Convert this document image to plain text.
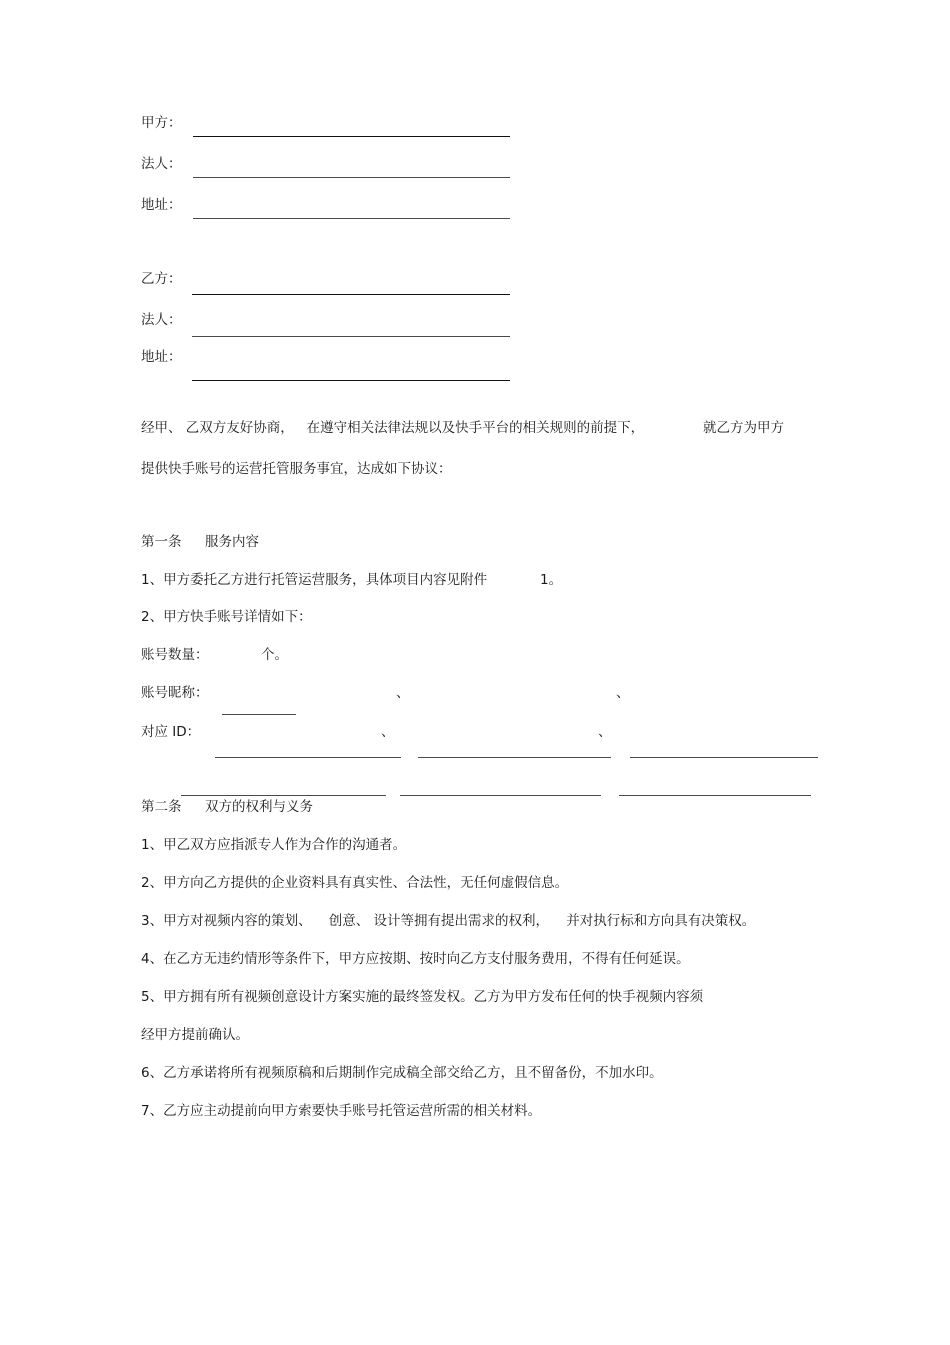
甲方：
法人：
地址：
乙方：
法人：
地址：
经甲、 乙双方友好协商，   在遵守相关法律法规以及快手平台的相关规则的前提下，	就乙方为甲方
提供快手账号的运营托管服务事宜，达成如下协议：
第一条 服务内容
1、甲方委托乙方进行托管运营服务，具体项目内容见附件	1。
2、甲方快手账号详情如下：
账号数量：	个。
账号昵称：	、	、
对应 ID：	、	、
第二条 双方的权利与义务
1、甲乙双方应指派专人作为合作的沟通者。
2、甲方向乙方提供的企业资料具有真实性、合法性，无任何虚假信息。
3、甲方对视频内容的策划、    创意、 设计等拥有提出需求的权利，    并对执行标和方向具有决策权。
4、在乙方无违约情形等条件下，甲方应按期、按时向乙方支付服务费用，不得有任何延误。
5、甲方拥有所有视频创意设计方案实施的最终签发权。乙方为甲方发布任何的快手视频内容须
经甲方提前确认。
6、乙方承诺将所有视频原稿和后期制作完成稿全部交给乙方，且不留备份，不加水印。
7、乙方应主动提前向甲方索要快手账号托管运营所需的相关材料。
